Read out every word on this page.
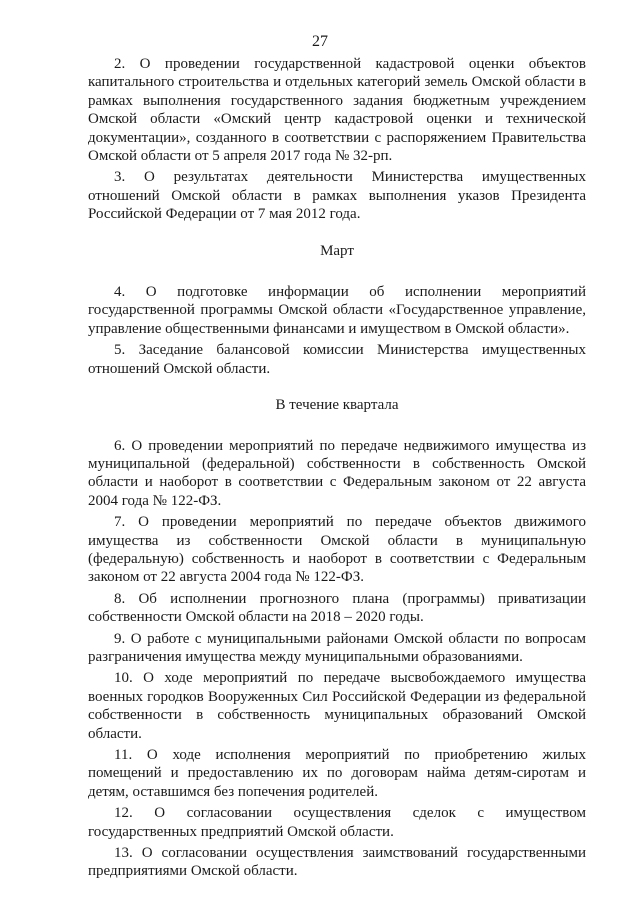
27

2. О проведении государственной кадастровой оценки объектов капитального строительства и отдельных категорий земель Омской области в рамках выполнения государственного задания бюджетным учреждением Омской области «Омский центр кадастровой оценки и технической документации», созданного в соответствии с распоряжением Правительства Омской области от 5 апреля 2017 года № 32-рп.

3. О результатах деятельности Министерства имущественных отношений Омской области в рамках выполнения указов Президента Российской Федерации от 7 мая 2012 года.

Март

4. О подготовке информации об исполнении мероприятий государственной программы Омской области «Государственное управление, управление общественными финансами и имуществом в Омской области».

5. Заседание балансовой комиссии Министерства имущественных отношений Омской области.

В течение квартала

6. О проведении мероприятий по передаче недвижимого имущества из муниципальной (федеральной) собственности в собственность Омской области и наоборот в соответствии с Федеральным законом от 22 августа 2004 года № 122-ФЗ.

7. О проведении мероприятий по передаче объектов движимого имущества из собственности Омской области в муниципальную (федеральную) собственность и наоборот в соответствии с Федеральным законом от 22 августа 2004 года № 122-ФЗ.

8. Об исполнении прогнозного плана (программы) приватизации собственности Омской области на 2018 – 2020 годы.

9. О работе с муниципальными районами Омской области по вопросам разграничения имущества между муниципальными образованиями.

10. О ходе мероприятий по передаче высвобождаемого имущества военных городков Вооруженных Сил Российской Федерации из федеральной собственности в собственность муниципальных образований Омской области.

11. О ходе исполнения мероприятий по приобретению жилых помещений и предоставлению их по договорам найма детям-сиротам и детям, оставшимся без попечения родителей.

12. О согласовании осуществления сделок с имуществом государственных предприятий Омской области.

13. О согласовании осуществления заимствований государственными предприятиями Омской области.
